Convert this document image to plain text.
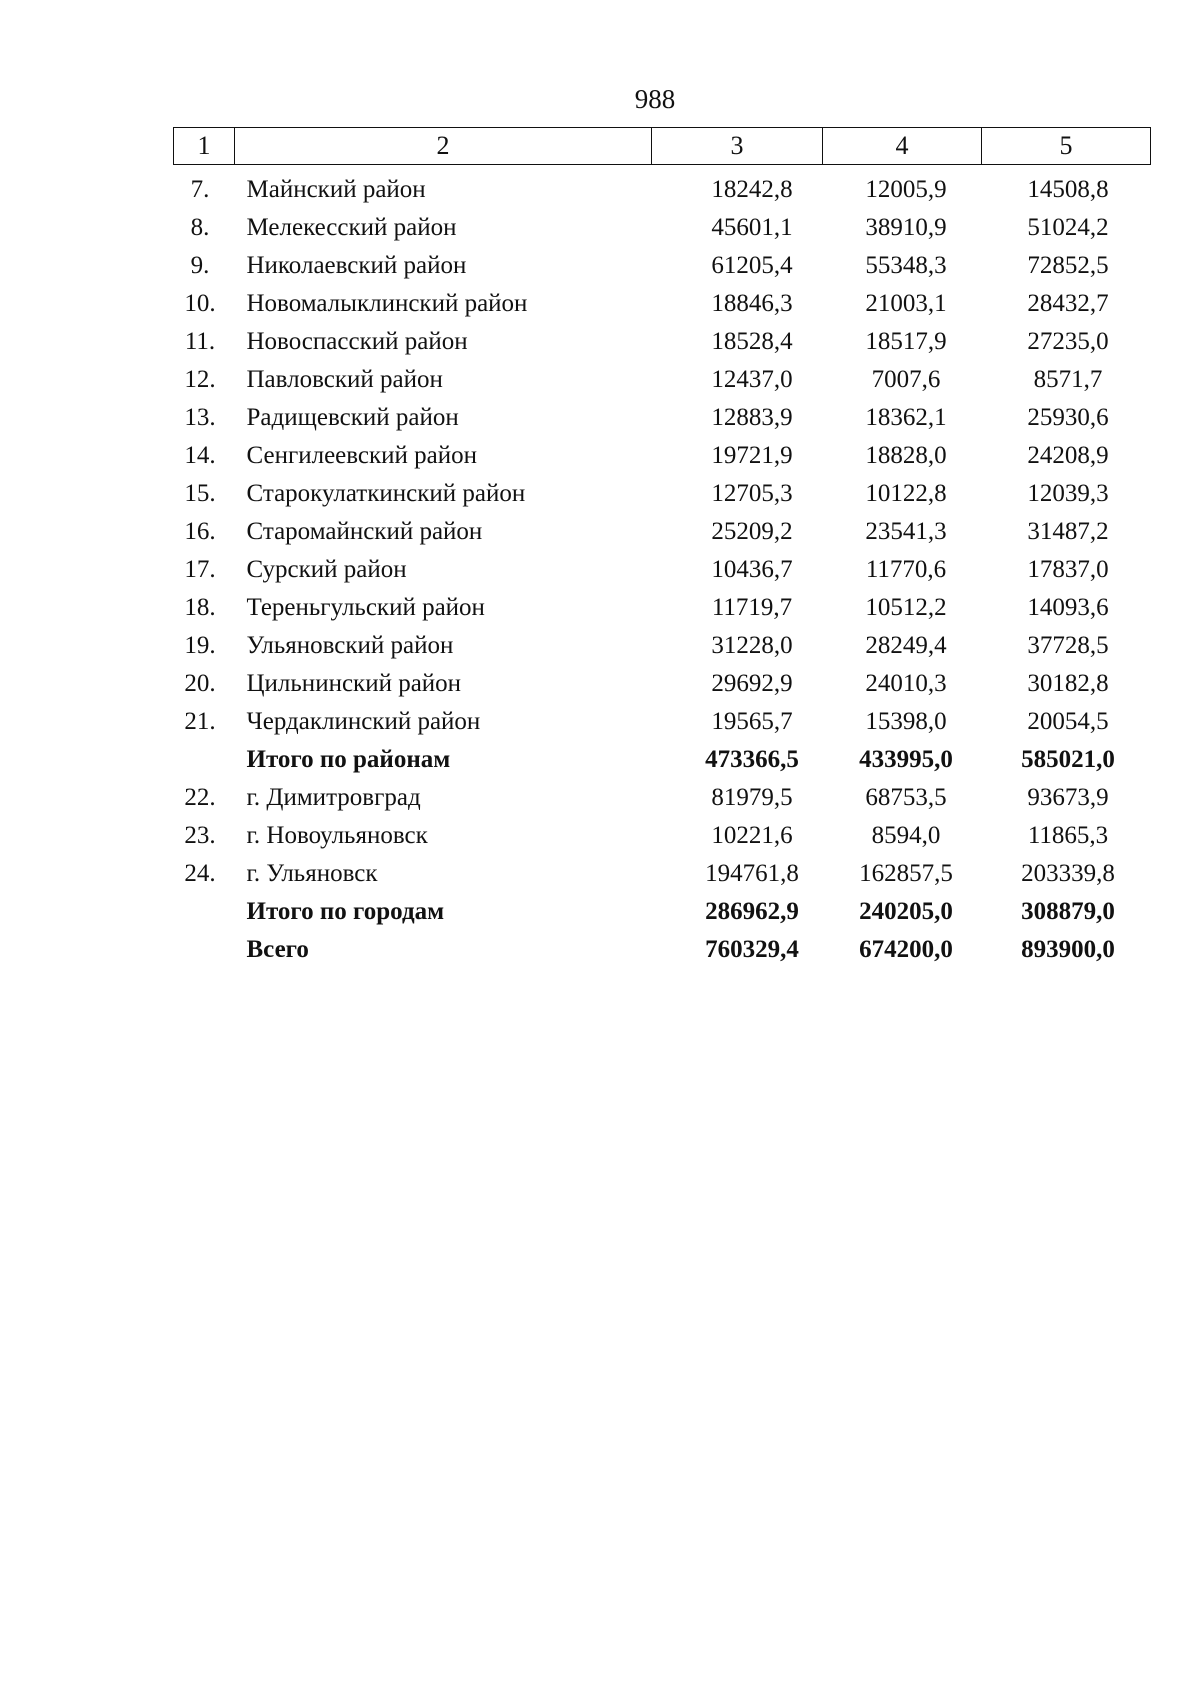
988
1	2	3	4	5
7.	Майнский район	18242,8	12005,9	14508,8
8.	Мелекесский район	45601,1	38910,9	51024,2
9.	Николаевский район	61205,4	55348,3	72852,5
10.	Новомалыклинский район	18846,3	21003,1	28432,7
11.	Новоспасский район	18528,4	18517,9	27235,0
12.	Павловский район	12437,0	7007,6	8571,7
13.	Радищевский район	12883,9	18362,1	25930,6
14.	Сенгилеевский район	19721,9	18828,0	24208,9
15.	Старокулаткинский район	12705,3	10122,8	12039,3
16.	Старомайнский район	25209,2	23541,3	31487,2
17.	Сурский район	10436,7	11770,6	17837,0
18.	Тереньгульский район	11719,7	10512,2	14093,6
19.	Ульяновский район	31228,0	28249,4	37728,5
20.	Цильнинский район	29692,9	24010,3	30182,8
21.	Чердаклинский район	19565,7	15398,0	20054,5
	Итого по районам	473366,5	433995,0	585021,0
22.	г. Димитровград	81979,5	68753,5	93673,9
23.	г. Новоульяновск	10221,6	8594,0	11865,3
24.	г. Ульяновск	194761,8	162857,5	203339,8
	Итого по городам	286962,9	240205,0	308879,0
	Всего	760329,4	674200,0	893900,0
